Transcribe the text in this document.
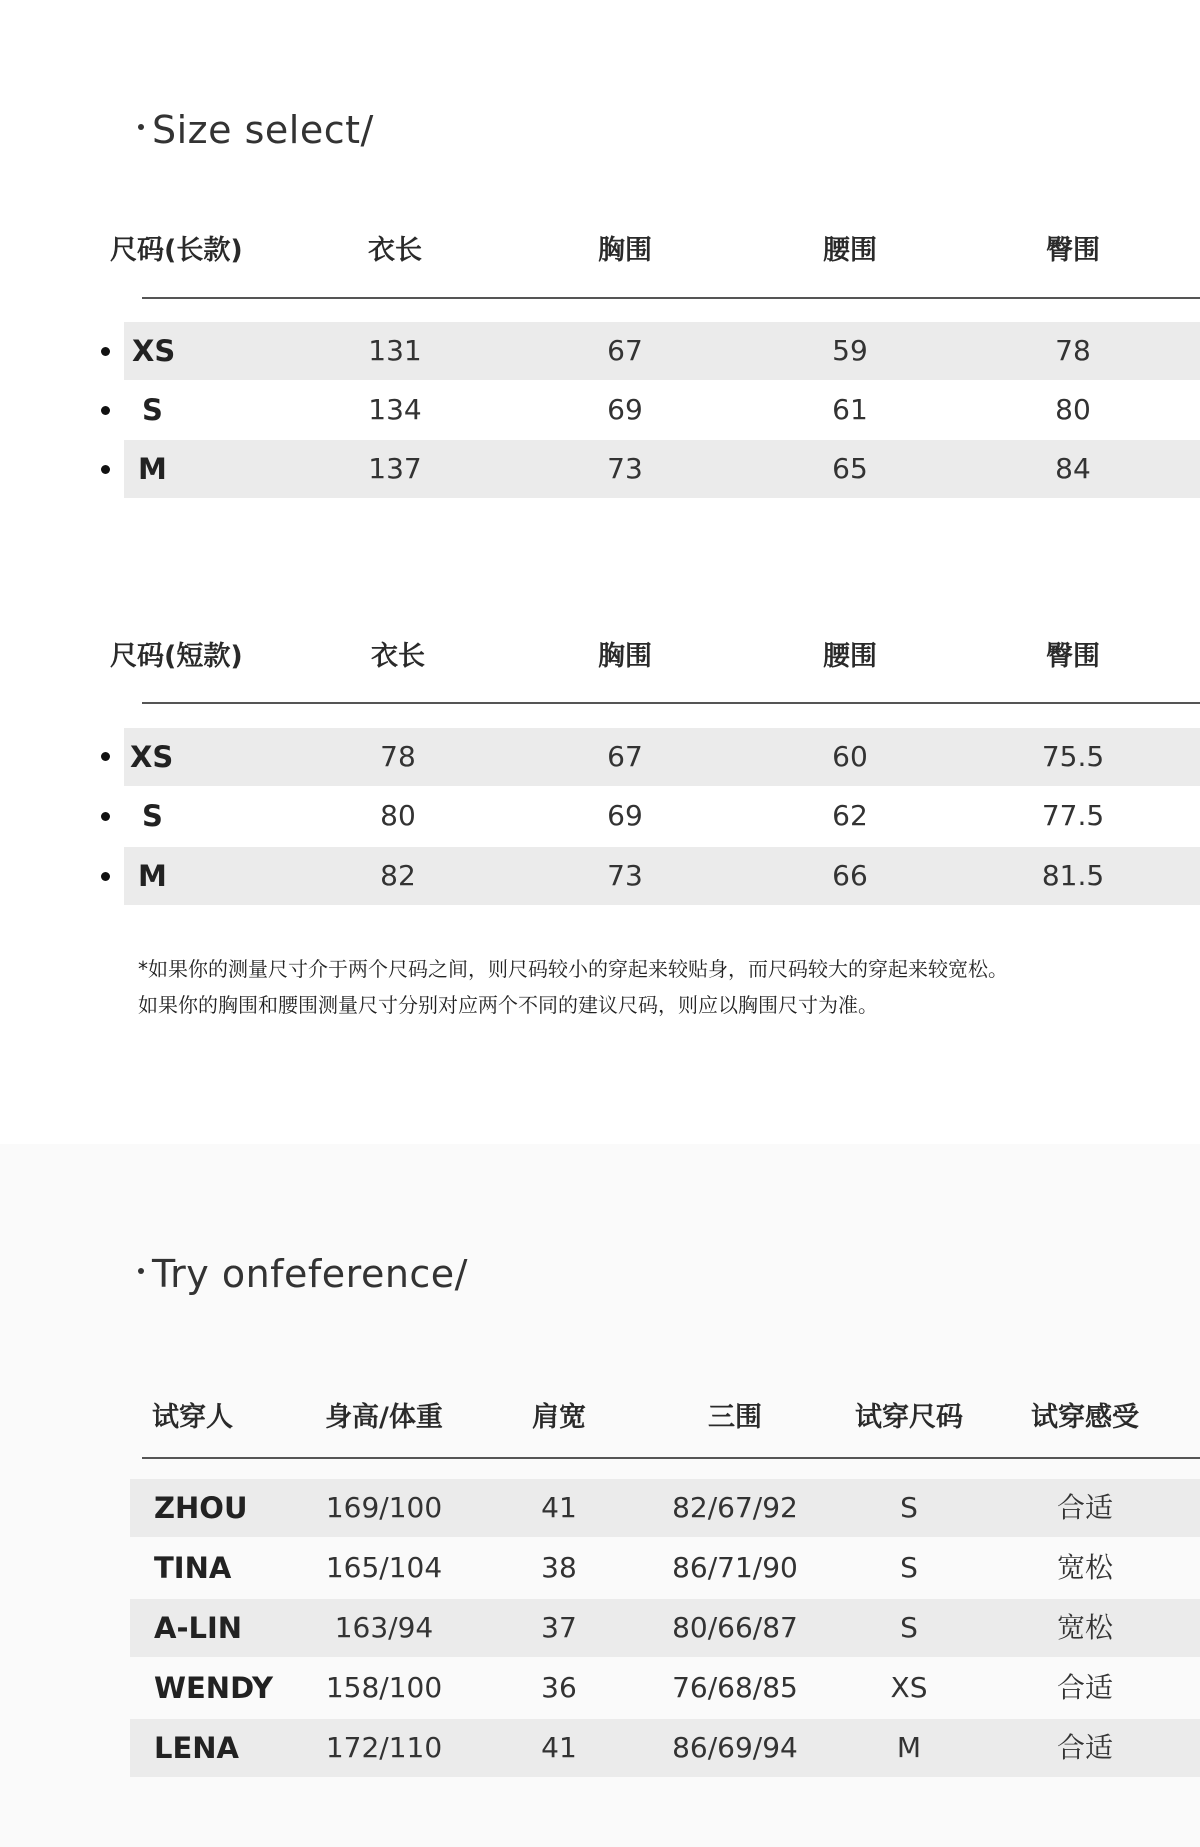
Size select/
尺码(长款)	衣长	胸围	腰围	臀围
XS	131	67	59	78
S	134	69	61	80
M	137	73	65	84
尺码(短款)	衣长	胸围	腰围	臀围
XS	78	67	60	75.5
S	80	69	62	77.5
M	82	73	66	81.5
*如果你的测量尺寸介于两个尺码之间，则尺码较小的穿起来较贴身，而尺码较大的穿起来较宽松。
如果你的胸围和腰围测量尺寸分别对应两个不同的建议尺码，则应以胸围尺寸为准。
Try onfeference/
试穿人	身高/体重	肩宽	三围	试穿尺码	试穿感受
ZHOU	169/100	41	82/67/92	S	合适
TINA	165/104	38	86/71/90	S	宽松
A-LIN	163/94	37	80/66/87	S	宽松
WENDY 158/100	36	76/68/85	XS	合适
LENA	172/110	41	86/69/94	M	合适
